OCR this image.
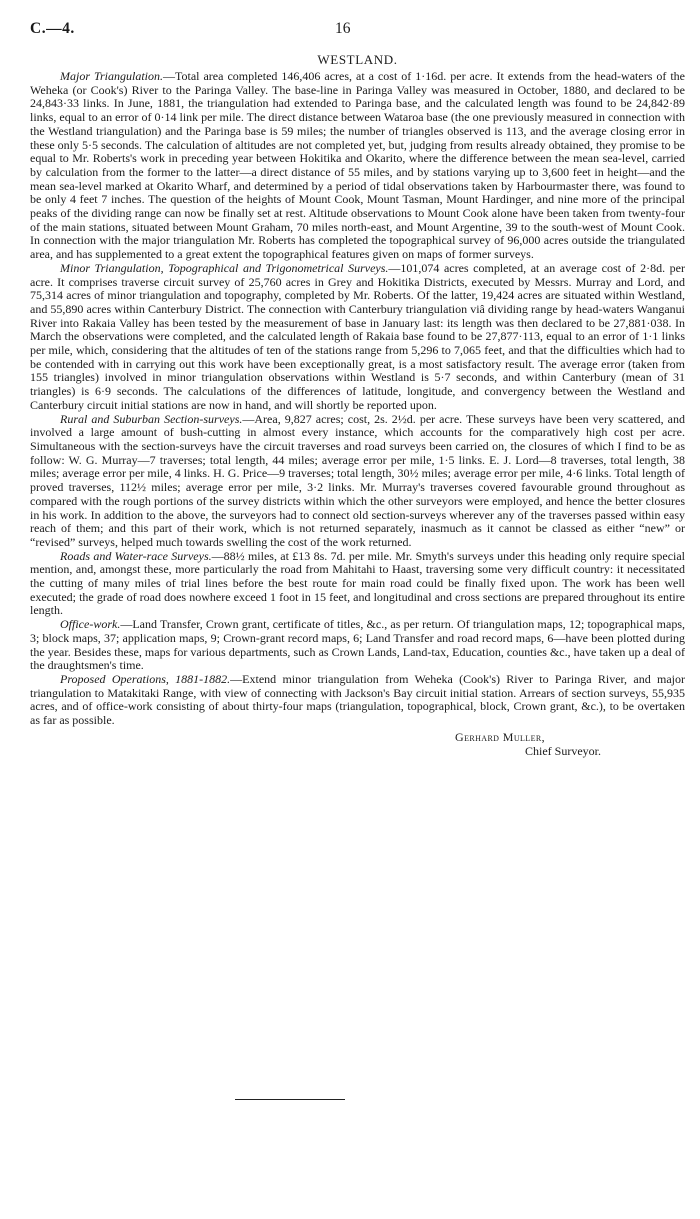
C.—4.	16
WESTLAND.

Major Triangulation.—Total area completed 146,406 acres, at a cost of 1·16d. per acre. It extends from the head-waters of the Weheka (or Cook's) River to the Paringa Valley. The base-line in Paringa Valley was measured in October, 1880, and declared to be 24,843·33 links. In June, 1881, the triangulation had extended to Paringa base, and the calculated length was found to be 24,842·89 links, equal to an error of 0·14 link per mile. The direct distance between Wataroa base (the one previously measured in connection with the Westland triangulation) and the Paringa base is 59 miles; the number of triangles observed is 113, and the average closing error in these only 5·5 seconds. The calculation of altitudes are not completed yet, but, judging from results already obtained, they promise to be equal to Mr. Roberts's work in preceding year between Hokitika and Okarito, where the difference between the mean sea-level, carried by calculation from the former to the latter—a direct distance of 55 miles, and by stations varying up to 3,600 feet in height—and the mean sea-level marked at Okarito Wharf, and determined by a period of tidal observations taken by Harbourmaster there, was found to be only 4 feet 7 inches. The question of the heights of Mount Cook, Mount Tasman, Mount Hardinger, and nine more of the principal peaks of the dividing range can now be finally set at rest. Altitude observations to Mount Cook alone have been taken from twenty-four of the main stations, situated between Mount Graham, 70 miles north-east, and Mount Argentine, 39 to the south-west of Mount Cook. In connection with the major triangulation Mr. Roberts has completed the topographical survey of 96,000 acres outside the triangulated area, and has supplemented to a great extent the topographical features given on maps of former surveys.

Minor Triangulation, Topographical and Trigonometrical Surveys.—101,074 acres completed, at an average cost of 2·8d. per acre. It comprises traverse circuit survey of 25,760 acres in Grey and Hokitika Districts, executed by Messrs. Murray and Lord, and 75,314 acres of minor triangulation and topography, completed by Mr. Roberts. Of the latter, 19,424 acres are situated within Westland, and 55,890 acres within Canterbury District. The connection with Canterbury triangulation viâ dividing range by head-waters Wanganui River into Rakaia Valley has been tested by the measurement of base in January last: its length was then declared to be 27,881·038. In March the observations were completed, and the calculated length of Rakaia base found to be 27,877·113, equal to an error of 1·1 links per mile, which, considering that the altitudes of ten of the stations range from 5,296 to 7,065 feet, and that the difficulties which had to be contended with in carrying out this work have been exceptionally great, is a most satisfactory result. The average error (taken from 155 triangles) involved in minor triangulation observations within Westland is 5·7 seconds, and within Canterbury (mean of 31 triangles) is 6·9 seconds. The calculations of the differences of latitude, longitude, and convergency between the Westland and Canterbury circuit initial stations are now in hand, and will shortly be reported upon.

Rural and Suburban Section-surveys.—Area, 9,827 acres; cost, 2s. 2½d. per acre. These surveys have been very scattered, and involved a large amount of bush-cutting in almost every instance, which accounts for the comparatively high cost per acre. Simultaneous with the section-surveys have the circuit traverses and road surveys been carried on, the closures of which I find to be as follow: W. G. Murray—7 traverses; total length, 44 miles; average error per mile, 1·5 links. E. J. Lord—8 traverses, total length, 38 miles; average error per mile, 4 links. H. G. Price—9 traverses; total length, 30½ miles; average error per mile, 4·6 links. Total length of proved traverses, 112½ miles; average error per mile, 3·2 links. Mr. Murray's traverses covered favourable ground throughout as compared with the rough portions of the survey districts within which the other surveyors were employed, and hence the better closures in his work. In addition to the above, the surveyors had to connect old section-surveys wherever any of the traverses passed within easy reach of them; and this part of their work, which is not returned separately, inasmuch as it cannot be classed as either “new” or “revised” surveys, helped much towards swelling the cost of the work returned.

Roads and Water-race Surveys.—88½ miles, at £13 8s. 7d. per mile. Mr. Smyth's surveys under this heading only require special mention, and, amongst these, more particularly the road from Mahitahi to Haast, traversing some very difficult country: it necessitated the cutting of many miles of trial lines before the best route for main road could be finally fixed upon. The work has been well executed; the grade of road does nowhere exceed 1 foot in 15 feet, and longitudinal and cross sections are prepared throughout its entire length.

Office-work.—Land Transfer, Crown grant, certificate of titles, &c., as per return. Of triangulation maps, 12; topographical maps, 3; block maps, 37; application maps, 9; Crown-grant record maps, 6; Land Transfer and road record maps, 6—have been plotted during the year. Besides these, maps for various departments, such as Crown Lands, Land-tax, Education, counties &c., have taken up a deal of the draughtsmen's time.

Proposed Operations, 1881-1882.—Extend minor triangulation from Weheka (Cook's) River to Paringa River, and major triangulation to Matakitaki Range, with view of connecting with Jackson's Bay circuit initial station. Arrears of section surveys, 55,935 acres, and of office-work consisting of about thirty-four maps (triangulation, topographical, block, Crown grant, &c.), to be overtaken as far as possible.

Gerhard Muller,
Chief Surveyor.
